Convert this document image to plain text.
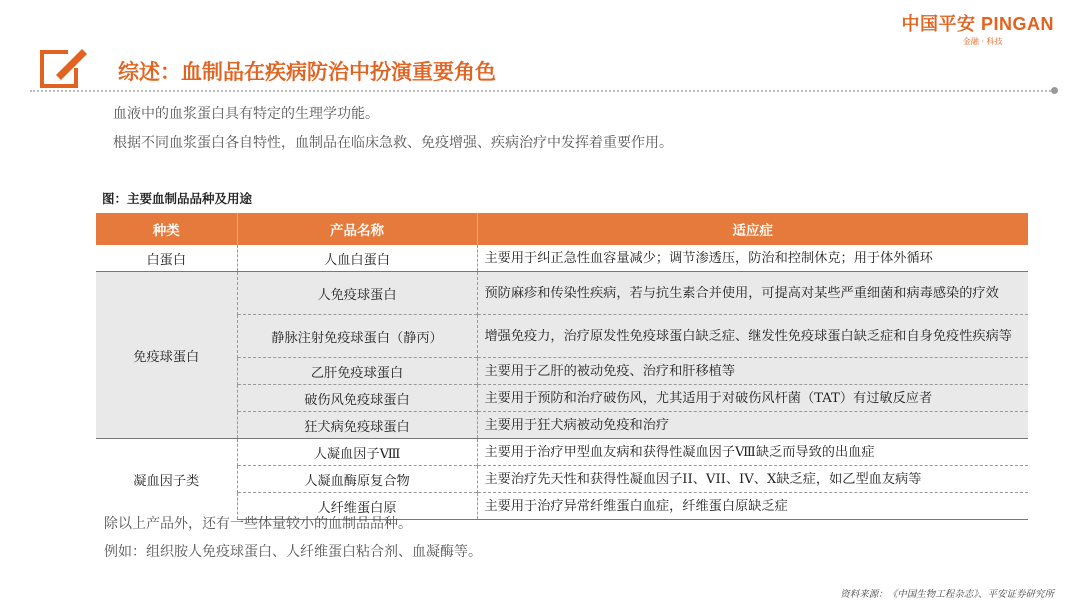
中国平安 PINGAN
金融 · 科技
综述：血制品在疾病防治中扮演重要角色
血液中的血浆蛋白具有特定的生理学功能。
根据不同血浆蛋白各自特性，血制品在临床急救、免疫增强、疾病治疗中发挥着重要作用。
图：主要血制品品种及用途
种类	产品名称	适应症
白蛋白	人血白蛋白	主要用于纠正急性血容量减少；调节渗透压，防治和控制休克；用于体外循环
免疫球蛋白	人免疫球蛋白	预防麻疹和传染性疾病，若与抗生素合并使用，可提高对某些严重细菌和病毒感染的疗效
	静脉注射免疫球蛋白（静丙）	增强免疫力，治疗原发性免疫球蛋白缺乏症、继发性免疫球蛋白缺乏症和自身免疫性疾病等
	乙肝免疫球蛋白	主要用于乙肝的被动免疫、治疗和肝移植等
	破伤风免疫球蛋白	主要用于预防和治疗破伤风，尤其适用于对破伤风杆菌（TAT）有过敏反应者
	狂犬病免疫球蛋白	主要用于狂犬病被动免疫和治疗
凝血因子类	人凝血因子Ⅷ	主要用于治疗甲型血友病和获得性凝血因子Ⅷ缺乏而导致的出血症
	人凝血酶原复合物	主要治疗先天性和获得性凝血因子II、VII、IV、X缺乏症，如乙型血友病等
	人纤维蛋白原	主要用于治疗异常纤维蛋白血症，纤维蛋白原缺乏症
除以上产品外，还有一些体量较小的血制品品种。
例如：组织胺人免疫球蛋白、人纤维蛋白粘合剂、血凝酶等。
资料来源：《中国生物工程杂志》、平安证券研究所
